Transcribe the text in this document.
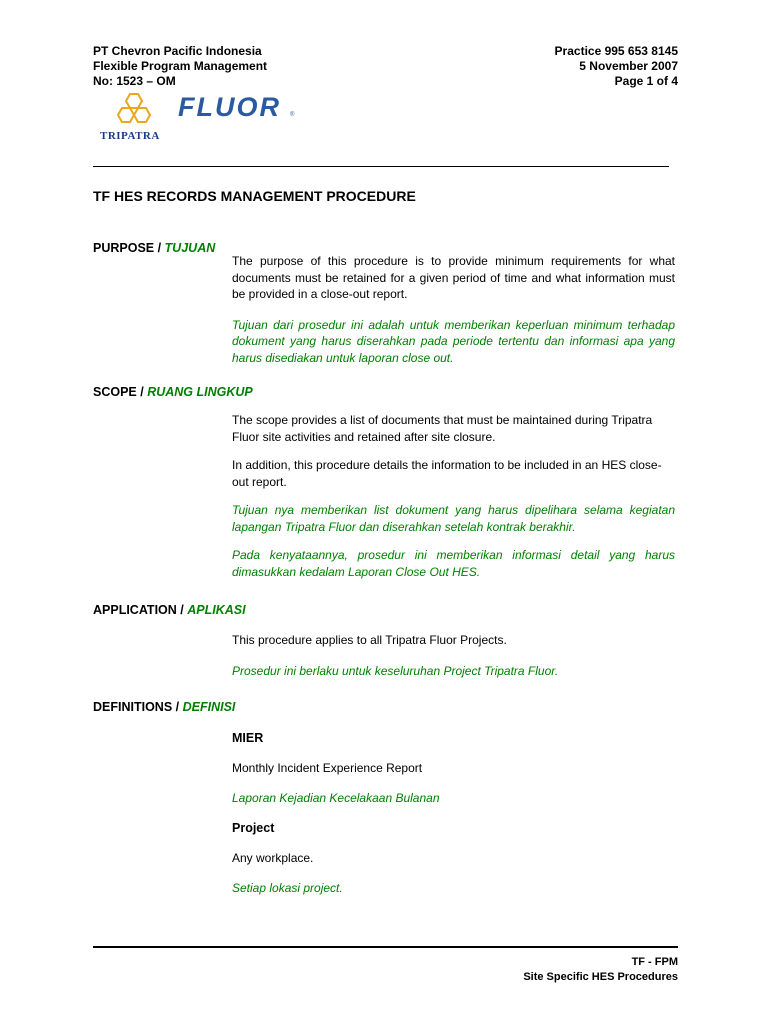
PT Chevron Pacific Indonesia
Flexible Program Management
No: 1523 – OM
Practice 995 653 8145
5 November 2007
Page 1 of 4
TRIPATRA
FLUOR ®
TF HES RECORDS MANAGEMENT PROCEDURE
PURPOSE / TUJUAN

The purpose of this procedure is to provide minimum requirements for what documents must be retained for a given period of time and what information must be provided in a close-out report.

Tujuan dari prosedur ini adalah untuk memberikan keperluan minimum terhadap dokument yang harus diserahkan pada periode tertentu dan informasi apa yang harus disediakan untuk laporan close out.

SCOPE / RUANG LINGKUP

The scope provides a list of documents that must be maintained during Tripatra Fluor site activities and retained after site closure.

In addition, this procedure details the information to be included in an HES close-out report.

Tujuan nya memberikan list dokument yang harus dipelihara selama kegiatan lapangan Tripatra Fluor dan diserahkan setelah kontrak berakhir.

Pada kenyataannya, prosedur ini memberikan informasi detail yang harus dimasukkan kedalam Laporan Close Out HES.

APPLICATION / APLIKASI

This procedure applies to all Tripatra Fluor Projects.

Prosedur ini berlaku untuk keseluruhan Project Tripatra Fluor.

DEFINITIONS / DEFINISI
MIER
Monthly Incident Experience Report
Laporan Kejadian Kecelakaan Bulanan
Project
Any workplace.
Setiap lokasi project.
TF - FPM
Site Specific HES Procedures
